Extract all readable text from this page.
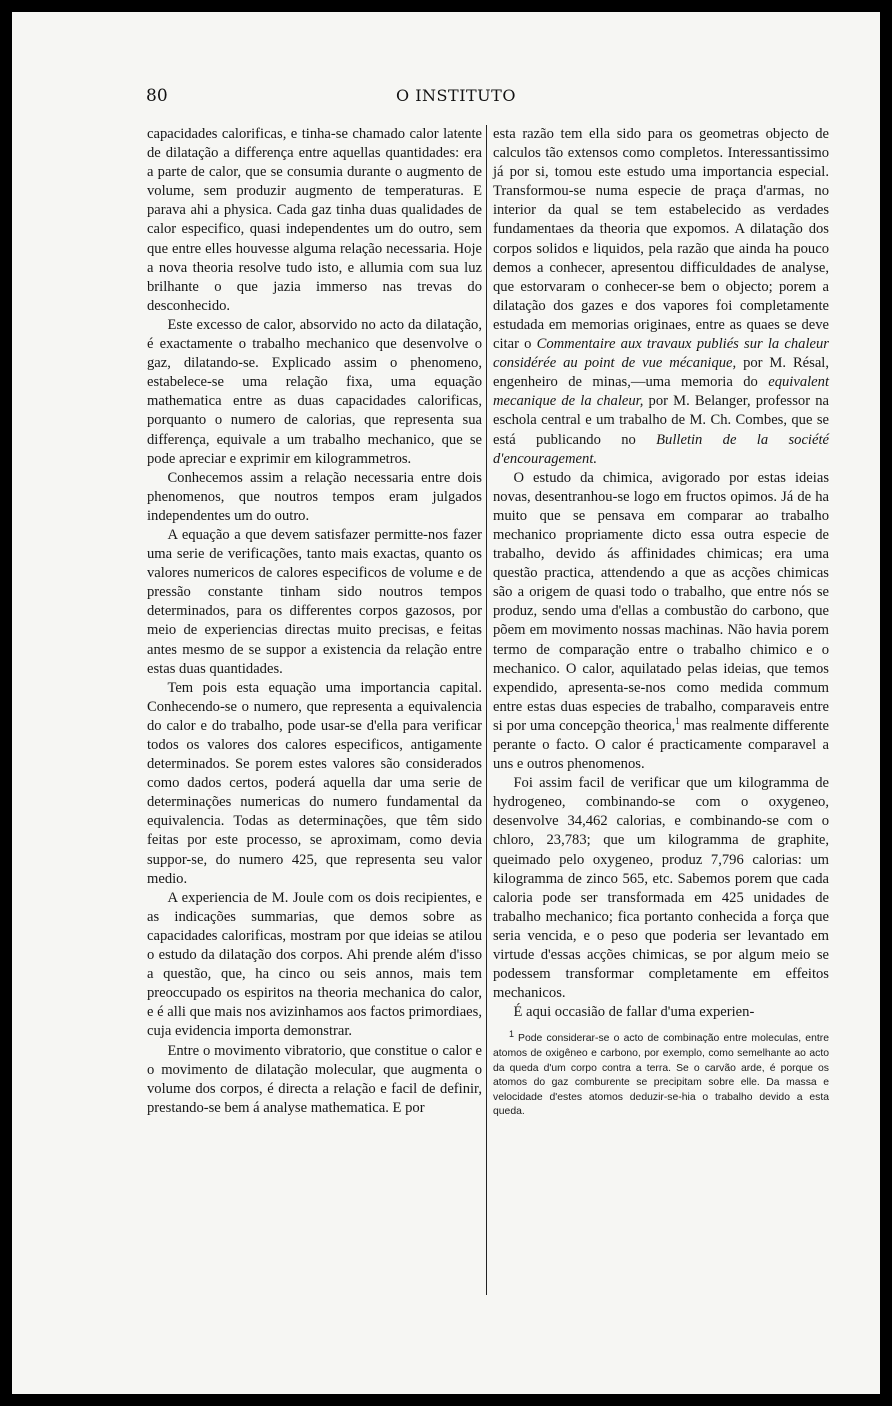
80	O INSTITUTO

capacidades calorificas, e tinha-se chamado calor latente de dilatação a differença entre aquellas quantidades: era a parte de calor, que se consumia durante o augmento de volume, sem produzir augmento de temperaturas. E parava ahi a physica. Cada gaz tinha duas qualidades de calor especifico, quasi independentes um do outro, sem que entre elles houvesse alguma relação necessaria. Hoje a nova theoria resolve tudo isto, e allumia com sua luz brilhante o que jazia immerso nas trevas do desconhecido.

Este excesso de calor, absorvido no acto da dilatação, é exactamente o trabalho mechanico que desenvolve o gaz, dilatando-se. Explicado assim o phenomeno, estabelece-se uma relação fixa, uma equação mathematica entre as duas capacidades calorificas, porquanto o numero de calorias, que representa sua differença, equivale a um trabalho mechanico, que se pode apreciar e exprimir em kilogrammetros.

Conhecemos assim a relação necessaria entre dois phenomenos, que noutros tempos eram julgados independentes um do outro.

A equação a que devem satisfazer permitte-nos fazer uma serie de verificações, tanto mais exactas, quanto os valores numericos de calores especificos de volume e de pressão constante tinham sido noutros tempos determinados, para os differentes corpos gazosos, por meio de experiencias directas muito precisas, e feitas antes mesmo de se suppor a existencia da relação entre estas duas quantidades.

Tem pois esta equação uma importancia capital. Conhecendo-se o numero, que representa a equivalencia do calor e do trabalho, pode usar-se d'ella para verificar todos os valores dos calores especificos, antigamente determinados. Se porem estes valores são considerados como dados certos, poderá aquella dar uma serie de determinações numericas do numero fundamental da equivalencia. Todas as determinações, que têm sido feitas por este processo, se aproximam, como devia suppor-se, do numero 425, que representa seu valor medio.

A experiencia de M. Joule com os dois recipientes, e as indicações summarias, que demos sobre as capacidades calorificas, mostram por que ideias se atilou o estudo da dilatação dos corpos. Ahi prende além d'isso a questão, que, ha cinco ou seis annos, mais tem preoccupado os espiritos na theoria mechanica do calor, e é alli que mais nos avizinhamos aos factos primordiaes, cuja evidencia importa demonstrar.

Entre o movimento vibratorio, que constitue o calor e o movimento de dilatação molecular, que augmenta o volume dos corpos, é directa a relação e facil de definir, prestando-se bem á analyse mathematica. E por

esta razão tem ella sido para os geometras objecto de calculos tão extensos como completos. Interessantissimo já por si, tomou este estudo uma importancia especial. Transformou-se numa especie de praça d'armas, no interior da qual se tem estabelecido as verdades fundamentaes da theoria que expomos. A dilatação dos corpos solidos e liquidos, pela razão que ainda ha pouco demos a conhecer, apresentou difficuldades de analyse, que estorvaram o conhecer-se bem o objecto; porem a dilatação dos gazes e dos vapores foi completamente estudada em memorias originaes, entre as quaes se deve citar o Commentaire aux travaux publiés sur la chaleur considérée au point de vue mécanique, por M. Résal, engenheiro de minas,—uma memoria do equivalent mecanique de la chaleur, por M. Belanger, professor na eschola central e um trabalho de M. Ch. Combes, que se está publicando no Bulletin de la société d'encouragement.

O estudo da chimica, avigorado por estas ideias novas, desentranhou-se logo em fructos opimos. Já de ha muito que se pensava em comparar ao trabalho mechanico propriamente dicto essa outra especie de trabalho, devido ás affinidades chimicas; era uma questão practica, attendendo a que as acções chimicas são a origem de quasi todo o trabalho, que entre nós se produz, sendo uma d'ellas a combustão do carbono, que põem em movimento nossas machinas. Não havia porem termo de comparação entre o trabalho chimico e o mechanico. O calor, aquilatado pelas ideias, que temos expendido, apresenta-se-nos como medida commum entre estas duas especies de trabalho, comparaveis entre si por uma concepção theorica,$^1$ mas realmente differente perante o facto. O calor é practicamente comparavel a uns e outros phenomenos.

Foi assim facil de verificar que um kilogramma de hydrogeneo, combinando-se com o oxygeneo, desenvolve 34,462 calorias, e combinando-se com o chloro, 23,783; que um kilogramma de graphite, queimado pelo oxygeneo, produz 7,796 calorias: um kilogramma de zinco 565, etc. Sabemos porem que cada caloria pode ser transformada em 425 unidades de trabalho mechanico; fica portanto conhecida a força que seria vencida, e o peso que poderia ser levantado em virtude d'essas acções chimicas, se por algum meio se podessem transformar completamente em effeitos mechanicos.

É aqui occasião de fallar d'uma experien-

1 Pode considerar-se o acto de combinação entre moleculas, entre atomos de oxigêneo e carbono, por exemplo, como semelhante ao acto da queda d'um corpo contra a terra. Se o carvão arde, é porque os atomos do gaz comburente se precipitam sobre elle. Da massa e velocidade d'estes atomos deduzir-se-hia o trabalho devido a esta queda.
